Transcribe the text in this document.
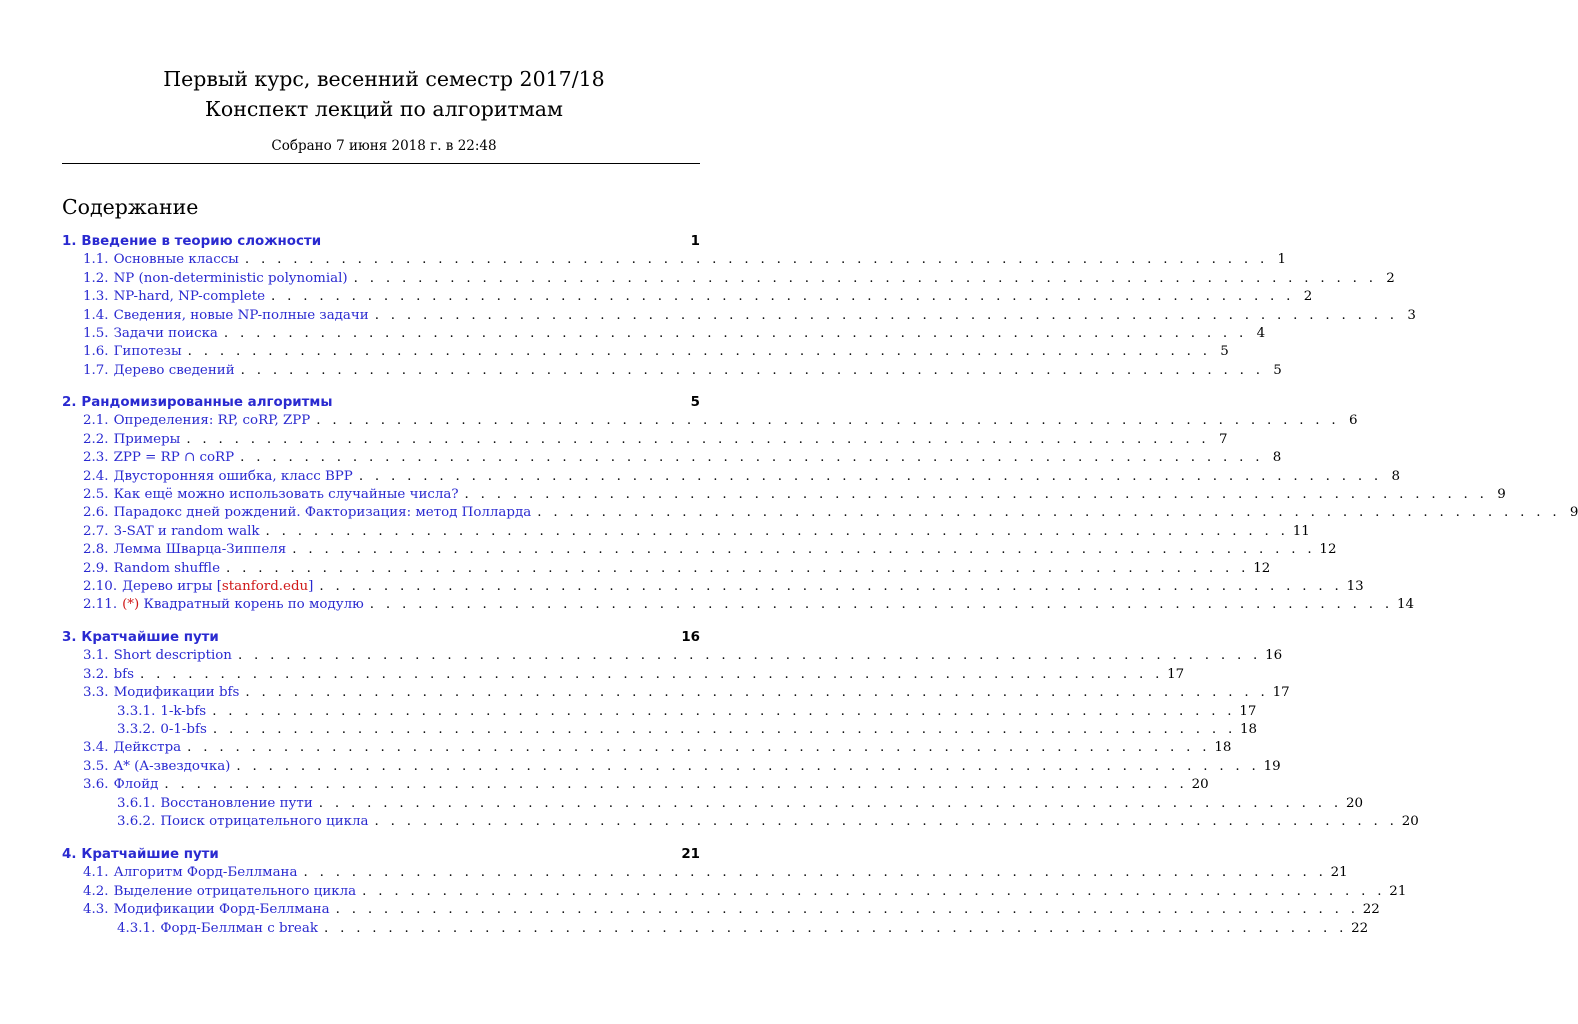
Первый курс, весенний семестр 2017/18
Конспект лекций по алгоритмам
Собрано 7 июня 2018 г. в 22:48
Содержание
1. Введение в теорию сложности	1
1.1. Основные классы . . . . . . . . . . . . . . . . . . . . . . . . . . . . . . . . . . . . . . . . . . . . . . . . . . . . . . . . . . . . . . . . 1
1.2. NP (non-deterministic polynomial) . . . . . . . . . . . . . . . . . . . . . . . . . . . . . . . . . . . . . . . . . . . . . . . . . . . . . . . . . . . . . . . . 2
1.3. NP-hard, NP-complete . . . . . . . . . . . . . . . . . . . . . . . . . . . . . . . . . . . . . . . . . . . . . . . . . . . . . . . . . . . . . . . . 2
1.4. Сведения, новые NP-полные задачи . . . . . . . . . . . . . . . . . . . . . . . . . . . . . . . . . . . . . . . . . . . . . . . . . . . . . . . . . . . . . . . . 3
1.5. Задачи поиска . . . . . . . . . . . . . . . . . . . . . . . . . . . . . . . . . . . . . . . . . . . . . . . . . . . . . . . . . . . . . . . . 4
1.6. Гипотезы . . . . . . . . . . . . . . . . . . . . . . . . . . . . . . . . . . . . . . . . . . . . . . . . . . . . . . . . . . . . . . . . 5
1.7. Дерево сведений . . . . . . . . . . . . . . . . . . . . . . . . . . . . . . . . . . . . . . . . . . . . . . . . . . . . . . . . . . . . . . . . 5
2. Рандомизированные алгоритмы	5
2.1. Определения: RP, coRP, ZPP . . . . . . . . . . . . . . . . . . . . . . . . . . . . . . . . . . . . . . . . . . . . . . . . . . . . . . . . . . . . . . . . 6
2.2. Примеры . . . . . . . . . . . . . . . . . . . . . . . . . . . . . . . . . . . . . . . . . . . . . . . . . . . . . . . . . . . . . . . . 7
2.3. ZPP = RP ∩ coRP . . . . . . . . . . . . . . . . . . . . . . . . . . . . . . . . . . . . . . . . . . . . . . . . . . . . . . . . . . . . . . . . 8
2.4. Двусторонняя ошибка, класс BPP . . . . . . . . . . . . . . . . . . . . . . . . . . . . . . . . . . . . . . . . . . . . . . . . . . . . . . . . . . . . . . . . 8
2.5. Как ещё можно использовать случайные числа? . . . . . . . . . . . . . . . . . . . . . . . . . . . . . . . . . . . . . . . . . . . . . . . . . . . . . . . . . . . . . . . . 9
2.6. Парадокс дней рождений. Факторизация: метод Полларда . . . . . . . . . . . . . . . . . . . . . . . . . . . . . . . . . . . . . . . . . . . . . . . . . . . . . . . . . . . . . . . . 9
2.7. 3-SAT и random walk . . . . . . . . . . . . . . . . . . . . . . . . . . . . . . . . . . . . . . . . . . . . . . . . . . . . . . . . . . . . . . . . 11
2.8. Лемма Шварца-Зиппеля . . . . . . . . . . . . . . . . . . . . . . . . . . . . . . . . . . . . . . . . . . . . . . . . . . . . . . . . . . . . . . . . 12
2.9. Random shuffle . . . . . . . . . . . . . . . . . . . . . . . . . . . . . . . . . . . . . . . . . . . . . . . . . . . . . . . . . . . . . . . . 12
2.10. Дерево игры [stanford.edu] . . . . . . . . . . . . . . . . . . . . . . . . . . . . . . . . . . . . . . . . . . . . . . . . . . . . . . . . . . . . . . . . 13
2.11. (*) Квадратный корень по модулю . . . . . . . . . . . . . . . . . . . . . . . . . . . . . . . . . . . . . . . . . . . . . . . . . . . . . . . . . . . . . . . . 14
3. Кратчайшие пути	16
3.1. Short description . . . . . . . . . . . . . . . . . . . . . . . . . . . . . . . . . . . . . . . . . . . . . . . . . . . . . . . . . . . . . . . . 16
3.2. bfs . . . . . . . . . . . . . . . . . . . . . . . . . . . . . . . . . . . . . . . . . . . . . . . . . . . . . . . . . . . . . . . . 17
3.3. Модификации bfs . . . . . . . . . . . . . . . . . . . . . . . . . . . . . . . . . . . . . . . . . . . . . . . . . . . . . . . . . . . . . . . . 17
3.3.1. 1-k-bfs . . . . . . . . . . . . . . . . . . . . . . . . . . . . . . . . . . . . . . . . . . . . . . . . . . . . . . . . . . . . . . . . 17
3.3.2. 0-1-bfs . . . . . . . . . . . . . . . . . . . . . . . . . . . . . . . . . . . . . . . . . . . . . . . . . . . . . . . . . . . . . . . . 18
3.4. Дейкстра . . . . . . . . . . . . . . . . . . . . . . . . . . . . . . . . . . . . . . . . . . . . . . . . . . . . . . . . . . . . . . . . 18
3.5. A* (A-звездочка) . . . . . . . . . . . . . . . . . . . . . . . . . . . . . . . . . . . . . . . . . . . . . . . . . . . . . . . . . . . . . . . . 19
3.6. Флойд . . . . . . . . . . . . . . . . . . . . . . . . . . . . . . . . . . . . . . . . . . . . . . . . . . . . . . . . . . . . . . . . 20
3.6.1. Восстановление пути . . . . . . . . . . . . . . . . . . . . . . . . . . . . . . . . . . . . . . . . . . . . . . . . . . . . . . . . . . . . . . . . 20
3.6.2. Поиск отрицательного цикла . . . . . . . . . . . . . . . . . . . . . . . . . . . . . . . . . . . . . . . . . . . . . . . . . . . . . . . . . . . . . . . . 20
4. Кратчайшие пути	21
4.1. Алгоритм Форд-Беллмана . . . . . . . . . . . . . . . . . . . . . . . . . . . . . . . . . . . . . . . . . . . . . . . . . . . . . . . . . . . . . . . . 21
4.2. Выделение отрицательного цикла . . . . . . . . . . . . . . . . . . . . . . . . . . . . . . . . . . . . . . . . . . . . . . . . . . . . . . . . . . . . . . . . 21
4.3. Модификации Форд-Беллмана . . . . . . . . . . . . . . . . . . . . . . . . . . . . . . . . . . . . . . . . . . . . . . . . . . . . . . . . . . . . . . . . 22
4.3.1. Форд-Беллман с break . . . . . . . . . . . . . . . . . . . . . . . . . . . . . . . . . . . . . . . . . . . . . . . . . . . . . . . . . . . . . . . . 22
